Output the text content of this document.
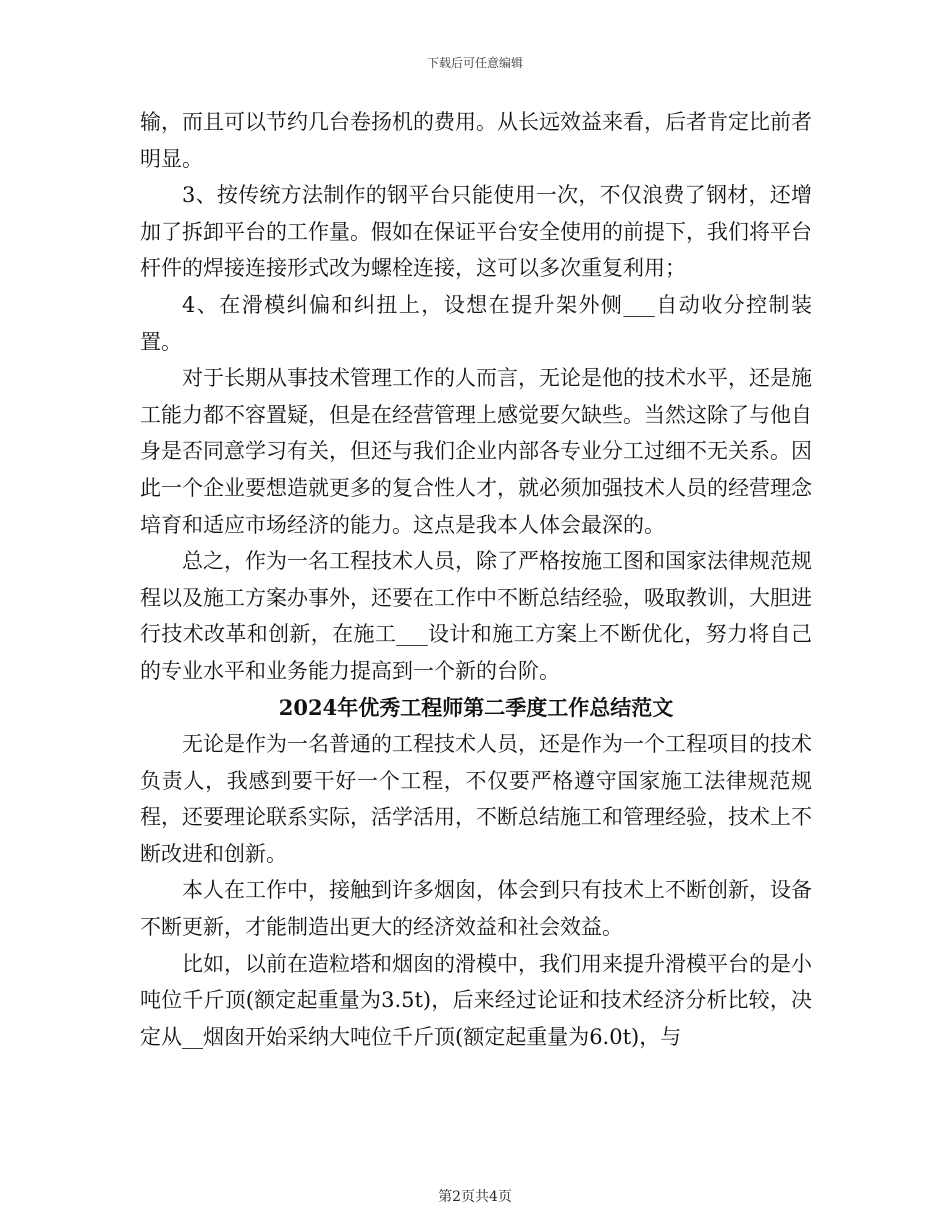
下载后可任意编辑

输，而且可以节约几台卷扬机的费用。从长远效益来看，后者肯定比前者明显。

3、按传统方法制作的钢平台只能使用一次，不仅浪费了钢材，还增加了拆卸平台的工作量。假如在保证平台安全使用的前提下，我们将平台杆件的焊接连接形式改为螺栓连接，这可以多次重复利用；

4、在滑模纠偏和纠扭上，设想在提升架外侧___自动收分控制装置。

对于长期从事技术管理工作的人而言，无论是他的技术水平，还是施工能力都不容置疑，但是在经营管理上感觉要欠缺些。当然这除了与他自身是否同意学习有关，但还与我们企业内部各专业分工过细不无关系。因此一个企业要想造就更多的复合性人才，就必须加强技术人员的经营理念培育和适应市场经济的能力。这点是我本人体会最深的。

总之，作为一名工程技术人员，除了严格按施工图和国家法律规范规程以及施工方案办事外，还要在工作中不断总结经验，吸取教训，大胆进行技术改革和创新，在施工___设计和施工方案上不断优化，努力将自己的专业水平和业务能力提高到一个新的台阶。

2024年优秀工程师第二季度工作总结范文

无论是作为一名普通的工程技术人员，还是作为一个工程项目的技术负责人，我感到要干好一个工程，不仅要严格遵守国家施工法律规范规程，还要理论联系实际，活学活用，不断总结施工和管理经验，技术上不断改进和创新。

本人在工作中，接触到许多烟囱，体会到只有技术上不断创新，设备不断更新，才能制造出更大的经济效益和社会效益。

比如，以前在造粒塔和烟囱的滑模中，我们用来提升滑模平台的是小吨位千斤顶(额定起重量为3.5t)，后来经过论证和技术经济分析比较，决定从__烟囱开始采纳大吨位千斤顶(额定起重量为6.0t)，与

第2页共4页
